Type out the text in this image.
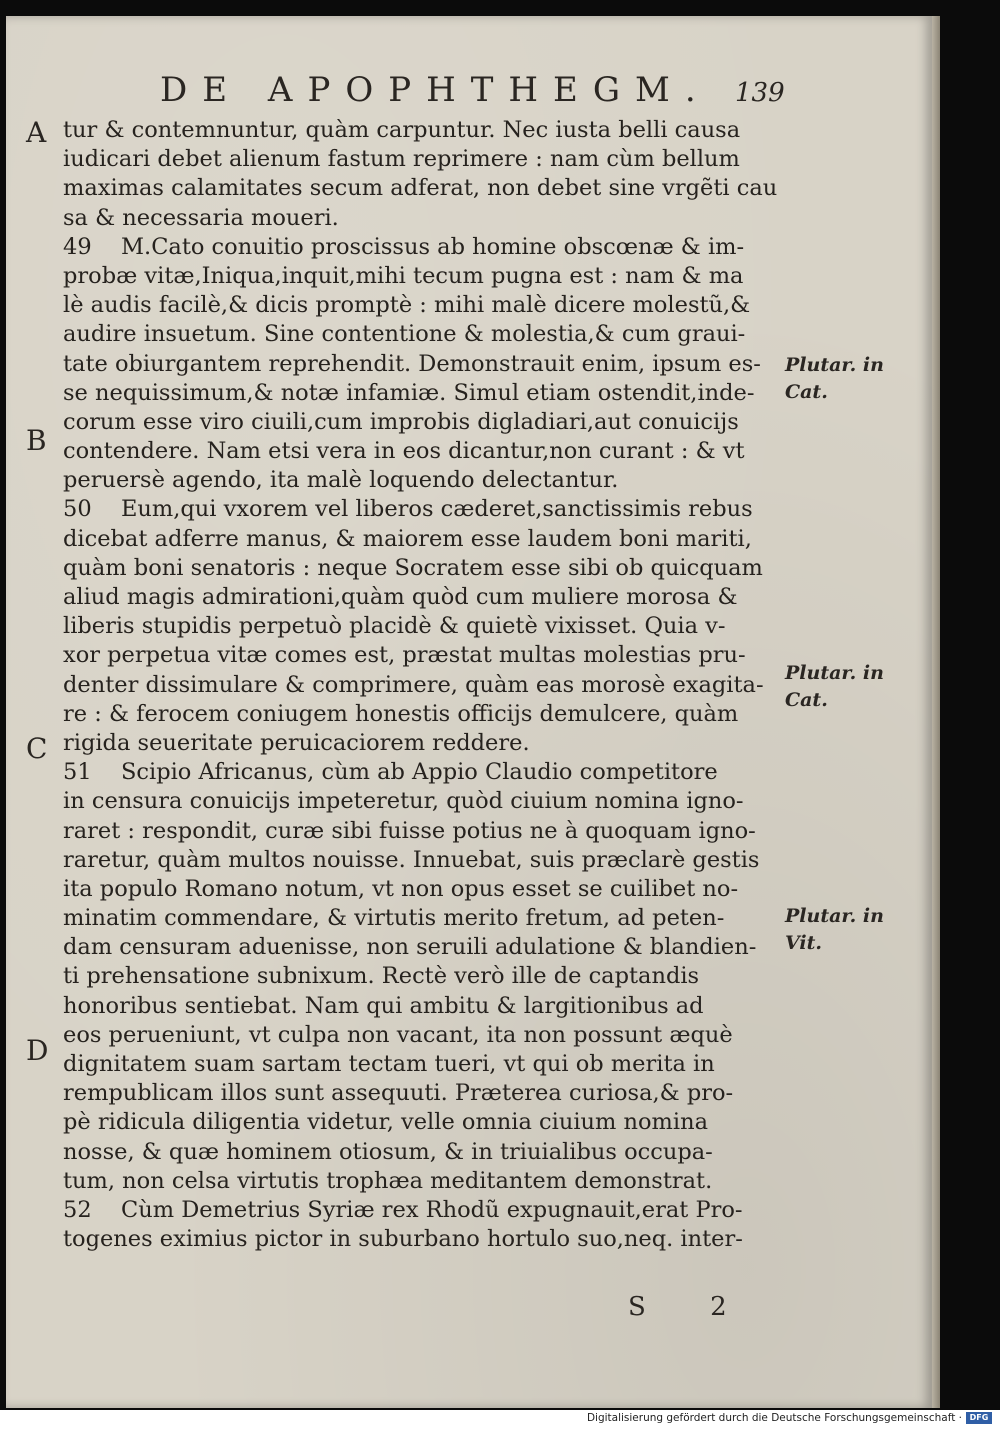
DE APOPHTHEGM. 139
tur & contemnuntur, quàm carpuntur. Nec iusta belli causa
iudicari debet alienum fastum reprimere : nam cùm bellum
maximas calamitates secum adferat, non debet sine vrgẽti cau
sa & necessaria moueri.
49 M.Cato conuitio proscissus ab homine obscœnæ & im-
probæ vitæ,Iniqua,inquit,mihi tecum pugna est : nam & ma
lè audis facilè,& dicis promptè : mihi malè dicere molestũ,&
audire insuetum. Sine contentione & molestia,& cum graui-
tate obiurgantem reprehendit. Demonstrauit enim, ipsum es-
se nequissimum,& notæ infamiæ. Simul etiam ostendit,inde-
corum esse viro ciuili,cum improbis digladiari,aut conuicijs
contendere. Nam etsi vera in eos dicantur,non curant : & vt
peruersè agendo, ita malè loquendo delectantur.
50 Eum,qui vxorem vel liberos cæderet,sanctissimis rebus
dicebat adferre manus, & maiorem esse laudem boni mariti,
quàm boni senatoris : neque Socratem esse sibi ob quicquam
aliud magis admirationi,quàm quòd cum muliere morosa &
liberis stupidis perpetuò placidè & quietè vixisset. Quia v-
xor perpetua vitæ comes est, præstat multas molestias pru-
denter dissimulare & comprimere, quàm eas morosè exagita-
re : & ferocem coniugem honestis officijs demulcere, quàm
rigida seueritate peruicaciorem reddere.
51 Scipio Africanus, cùm ab Appio Claudio competitore
in censura conuicijs impeteretur, quòd ciuium nomina igno-
raret : respondit, curæ sibi fuisse potius ne à quoquam igno-
raretur, quàm multos nouisse. Innuebat, suis præclarè gestis
ita populo Romano notum, vt non opus esset se cuilibet no-
minatim commendare, & virtutis merito fretum, ad peten-
dam censuram aduenisse, non seruili adulatione & blandien-
ti prehensatione subnixum. Rectè verò ille de captandis
honoribus sentiebat. Nam qui ambitu & largitionibus ad
eos perueniunt, vt culpa non vacant, ita non possunt æquè
dignitatem suam sartam tectam tueri, vt qui ob merita in
rempublicam illos sunt assequuti. Præterea curiosa,& pro-
pè ridicula diligentia videtur, velle omnia ciuium nomina
nosse, & quæ hominem otiosum, & in triuialibus occupa-
tum, non celsa virtutis trophæa meditantem demonstrat.
52 Cùm Demetrius Syriæ rex Rhodũ expugnauit,erat Pro-
togenes eximius pictor in suburbano hortulo suo,neq. inter-
A
B
C
D
Plutar. in
Cat.
Plutar. in
Cat.
Plutar. in
Vit.
S 2
Digitalisierung gefördert durch die Deutsche Forschungsgemeinschaft · DFG
